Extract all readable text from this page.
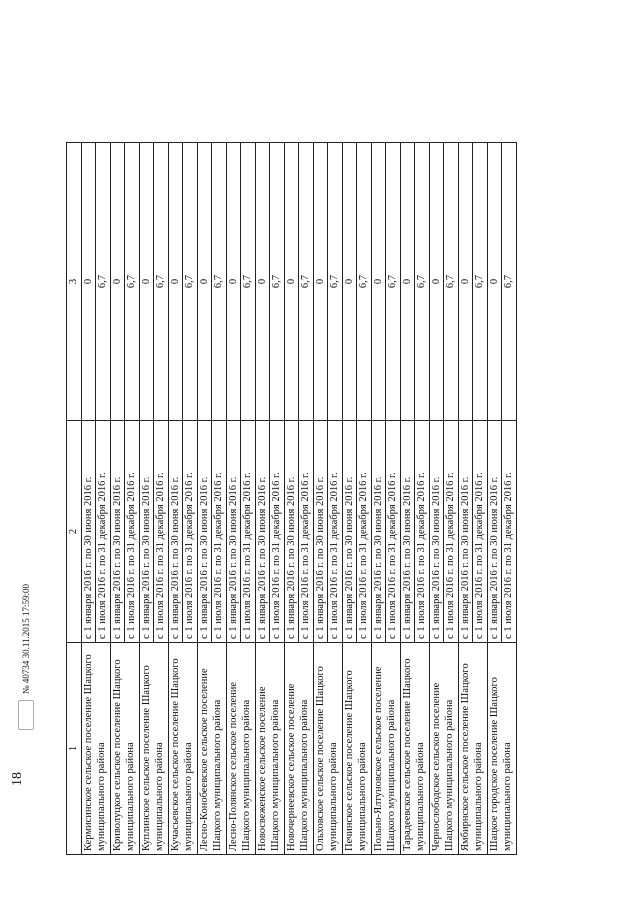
18
1	2	3
Кермисинское сельское поселение Шацкого муниципального района	с 1 января 2016 г. по 30 июня 2016 г.	0
	с 1 июля 2016 г. по 31 декабря 2016 г.	6,7
Криволуцкое сельское поселение Шацкого муниципального района	с 1 января 2016 г. по 30 июня 2016 г.	0
	с 1 июля 2016 г. по 31 декабря 2016 г.	6,7
Куплинское сельское поселение Шацкого муниципального района	с 1 января 2016 г. по 30 июня 2016 г.	0
	с 1 июля 2016 г. по 31 декабря 2016 г.	6,7
Кучасьевское сельское поселение Шацкого муниципального района	с 1 января 2016 г. по 30 июня 2016 г.	0
	с 1 июля 2016 г. по 31 декабря 2016 г.	6,7
Лесно-Конобеевское сельское поселение Шацкого муниципального района	с 1 января 2016 г. по 30 июня 2016 г.	0
	с 1 июля 2016 г. по 31 декабря 2016 г.	6,7
Лесно-Полянское сельское поселение Шацкого муниципального района	с 1 января 2016 г. по 30 июня 2016 г.	0
	с 1 июля 2016 г. по 31 декабря 2016 г.	6,7
Новосвеженское сельское поселение Шацкого муниципального района	с 1 января 2016 г. по 30 июня 2016 г.	0
	с 1 июля 2016 г. по 31 декабря 2016 г.	6,7
Новочернеевское сельское поселение Шацкого муниципального района	с 1 января 2016 г. по 30 июня 2016 г.	0
	с 1 июля 2016 г. по 31 декабря 2016 г.	6,7
Ольховское сельское поселение Шацкого муниципального района	с 1 января 2016 г. по 30 июня 2016 г.	0
	с 1 июля 2016 г. по 31 декабря 2016 г.	6,7
Печинское сельское поселение Шацкого муниципального района	с 1 января 2016 г. по 30 июня 2016 г.	0
	с 1 июля 2016 г. по 31 декабря 2016 г.	6,7
Польно-Ялтуновское сельское поселение Шацкого муниципального района	с 1 января 2016 г. по 30 июня 2016 г.	0
	с 1 июля 2016 г. по 31 декабря 2016 г.	6,7
Тарадеевское сельское поселение Шацкого муниципального района	с 1 января 2016 г. по 30 июня 2016 г.	0
	с 1 июля 2016 г. по 31 декабря 2016 г.	6,7
Чернослободское сельское поселение Шацкого муниципального района	с 1 января 2016 г. по 30 июня 2016 г.	0
	с 1 июля 2016 г. по 31 декабря 2016 г.	6,7
Ямбирнское сельское поселение Шацкого муниципального района	с 1 января 2016 г. по 30 июня 2016 г.	0
	с 1 июля 2016 г. по 31 декабря 2016 г.	6,7
Шацкое городское поселение Шацкого муниципального района	с 1 января 2016 г. по 30 июня 2016 г.	0
	с 1 июля 2016 г. по 31 декабря 2016 г.	6,7
№ 40734 30.11.2015 17:59:00
